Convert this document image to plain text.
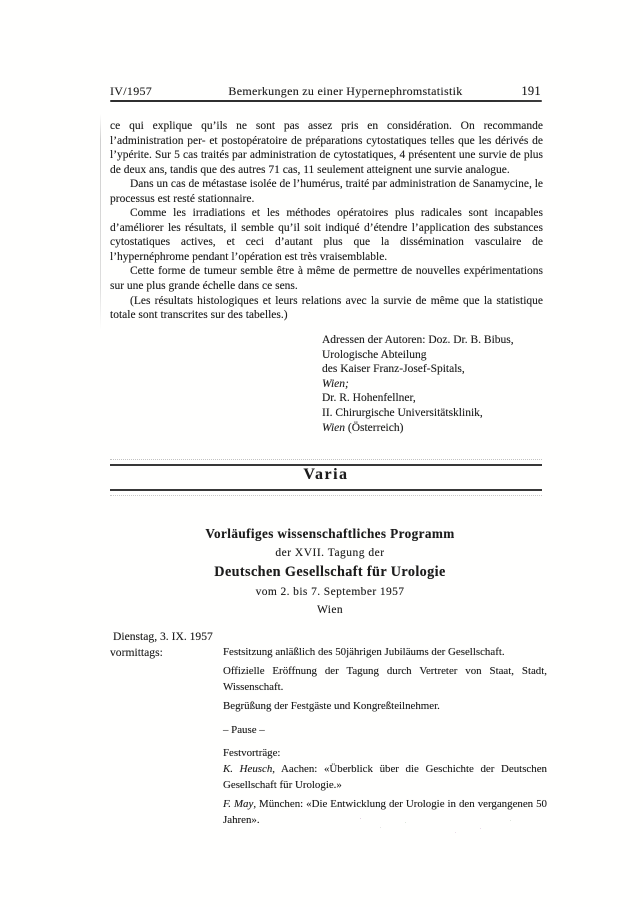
IV/1957	Bemerkungen zu einer Hypernephromstatistik	191

ce qui explique qu’ils ne sont pas assez pris en considération. On recommande l’administration per- et postopératoire de préparations cytostatiques telles que les dérivés de l’ypérite. Sur 5 cas traités par administration de cytostatiques, 4 présentent une survie de plus de deux ans, tandis que des autres 71 cas, 11 seulement atteignent une survie analogue.

Dans un cas de métastase isolée de l’humérus, traité par administration de Sanamycine, le processus est resté stationnaire.

Comme les irradiations et les méthodes opératoires plus radicales sont incapables d’améliorer les résultats, il semble qu’il soit indiqué d’étendre l’application des substances cytostatiques actives, et ceci d’autant plus que la dissémination vasculaire de l’hypernéphrome pendant l’opération est très vraisemblable.

Cette forme de tumeur semble être à même de permettre de nouvelles expérimentations sur une plus grande échelle dans ce sens.

(Les résultats histologiques et leurs relations avec la survie de même que la statistique totale sont transcrites sur des tabelles.)

Adressen der Autoren: Doz. Dr. B. Bibus,
Urologische Abteilung
des Kaiser Franz-Josef-Spitals,
Wien;
Dr. R. Hohenfellner,
II. Chirurgische Universitätsklinik,
Wien (Österreich)
Varia
Vorläufiges wissenschaftliches Programm
der XVII. Tagung der
Deutschen Gesellschaft für Urologie
vom 2. bis 7. September 1957
Wien
Dienstag, 3. IX. 1957
vormittags:	Festsitzung anläßlich des 50jährigen Jubiläums der Gesellschaft.

Offizielle Eröffnung der Tagung durch Vertreter von Staat, Stadt, Wissenschaft.

Begrüßung der Festgäste und Kongreßteilnehmer.

– Pause –

Festvorträge:

K. Heusch, Aachen: «Überblick über die Geschichte der Deutschen Gesellschaft für Urologie.»

F. May, München: «Die Entwicklung der Urologie in den vergangenen 50 Jahren».
